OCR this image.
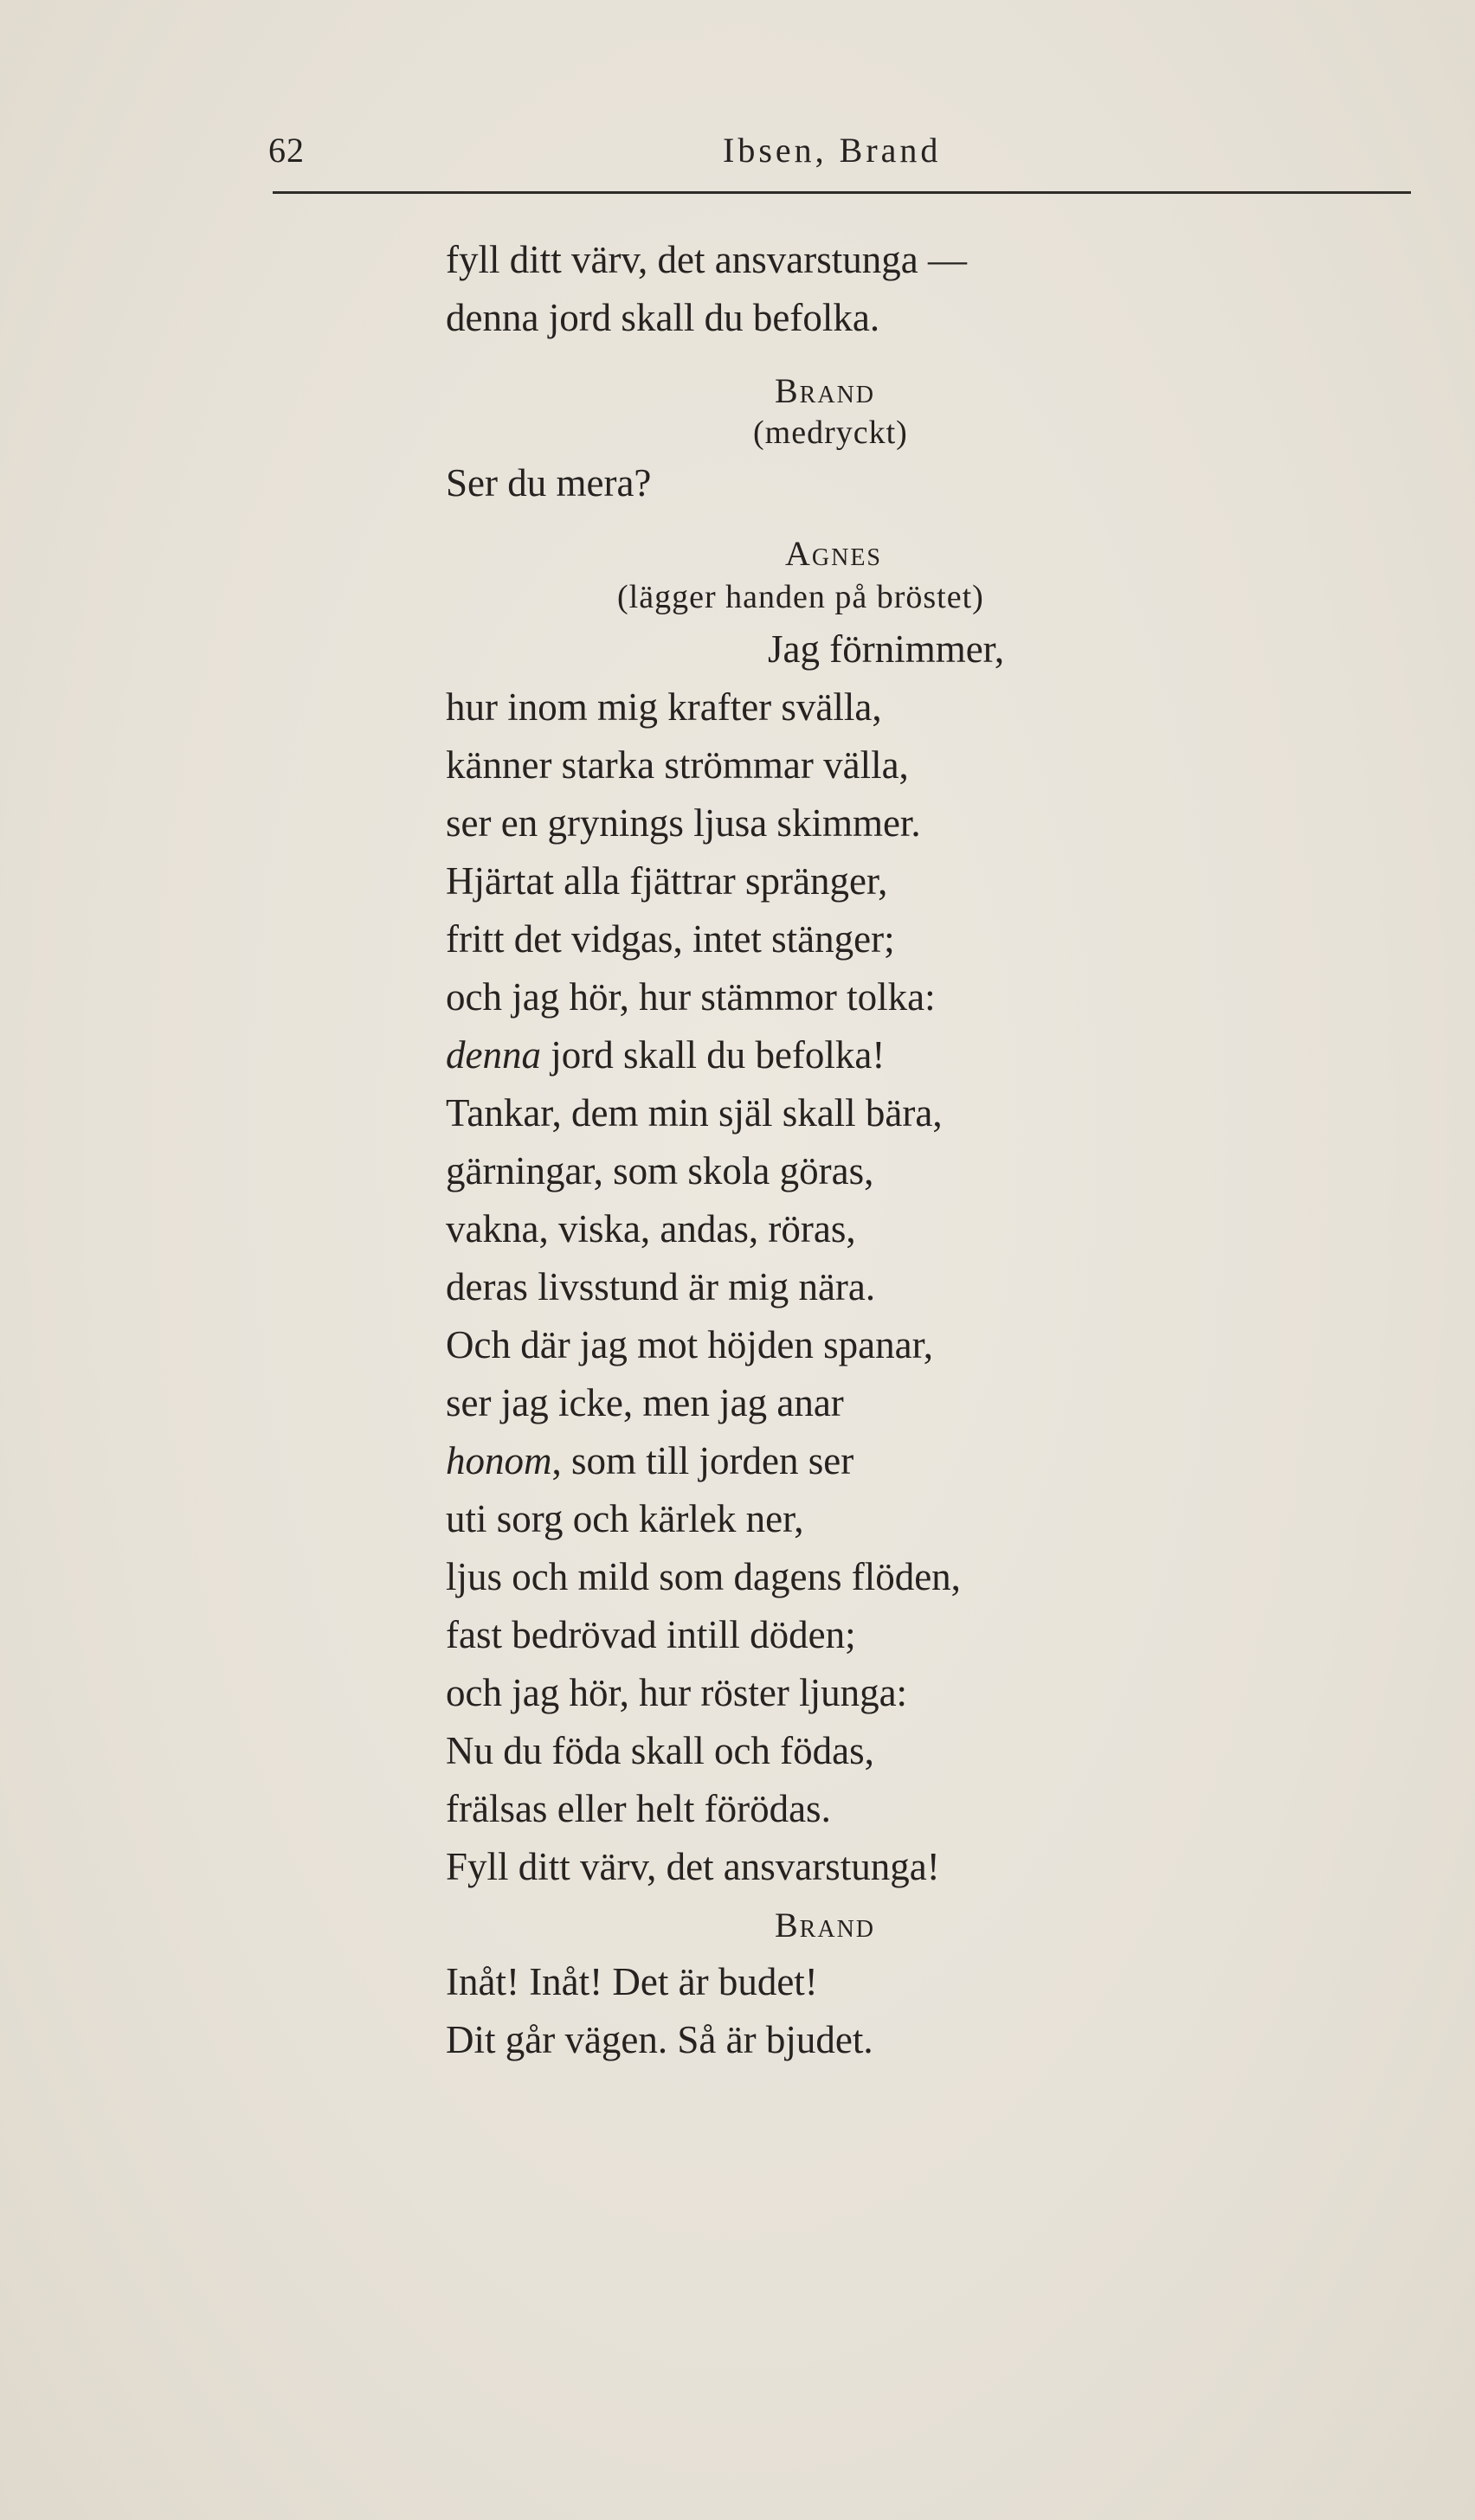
62	Ibsen, Brand
fyll ditt värv, det ansvarstunga —
denna jord skall du befolka.
Brand
(medryckt)
Ser du mera?
Agnes
(lägger handen på bröstet)
Jag förnimmer,
hur inom mig krafter svälla,
känner starka strömmar välla,
ser en grynings ljusa skimmer.
Hjärtat alla fjättrar spränger,
fritt det vidgas, intet stänger;
och jag hör, hur stämmor tolka:
denna jord skall du befolka!
Tankar, dem min själ skall bära,
gärningar, som skola göras,
vakna, viska, andas, röras,
deras livsstund är mig nära.
Och där jag mot höjden spanar,
ser jag icke, men jag anar
honom, som till jorden ser
uti sorg och kärlek ner,
ljus och mild som dagens flöden,
fast bedrövad intill döden;
och jag hör, hur röster ljunga:
Nu du föda skall och födas,
frälsas eller helt förödas.
Fyll ditt värv, det ansvarstunga!
Brand
Inåt! Inåt! Det är budet!
Dit går vägen. Så är bjudet.
